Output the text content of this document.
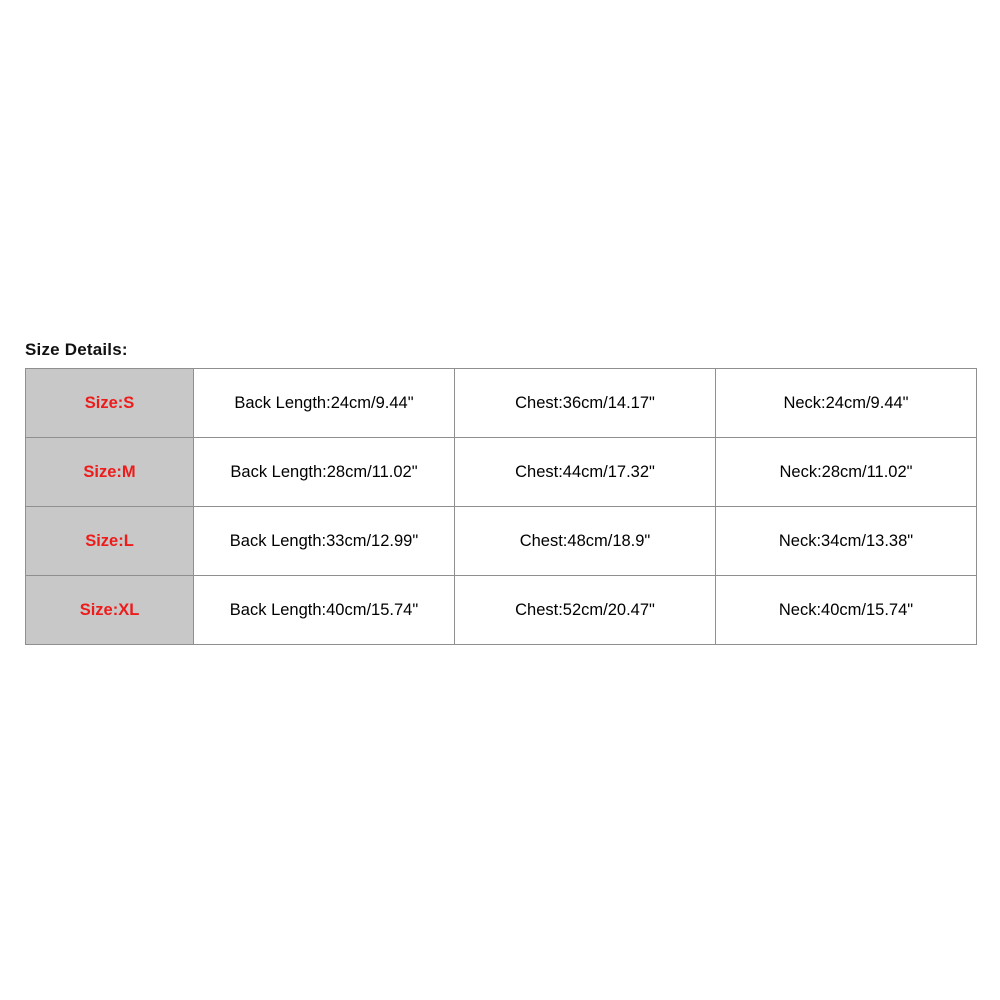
Size Details:
Size:S	Back Length:24cm/9.44"	Chest:36cm/14.17"	Neck:24cm/9.44"
Size:M	Back Length:28cm/11.02"	Chest:44cm/17.32"	Neck:28cm/11.02"
Size:L	Back Length:33cm/12.99"	Chest:48cm/18.9"	Neck:34cm/13.38"
Size:XL	Back Length:40cm/15.74"	Chest:52cm/20.47"	Neck:40cm/15.74"
